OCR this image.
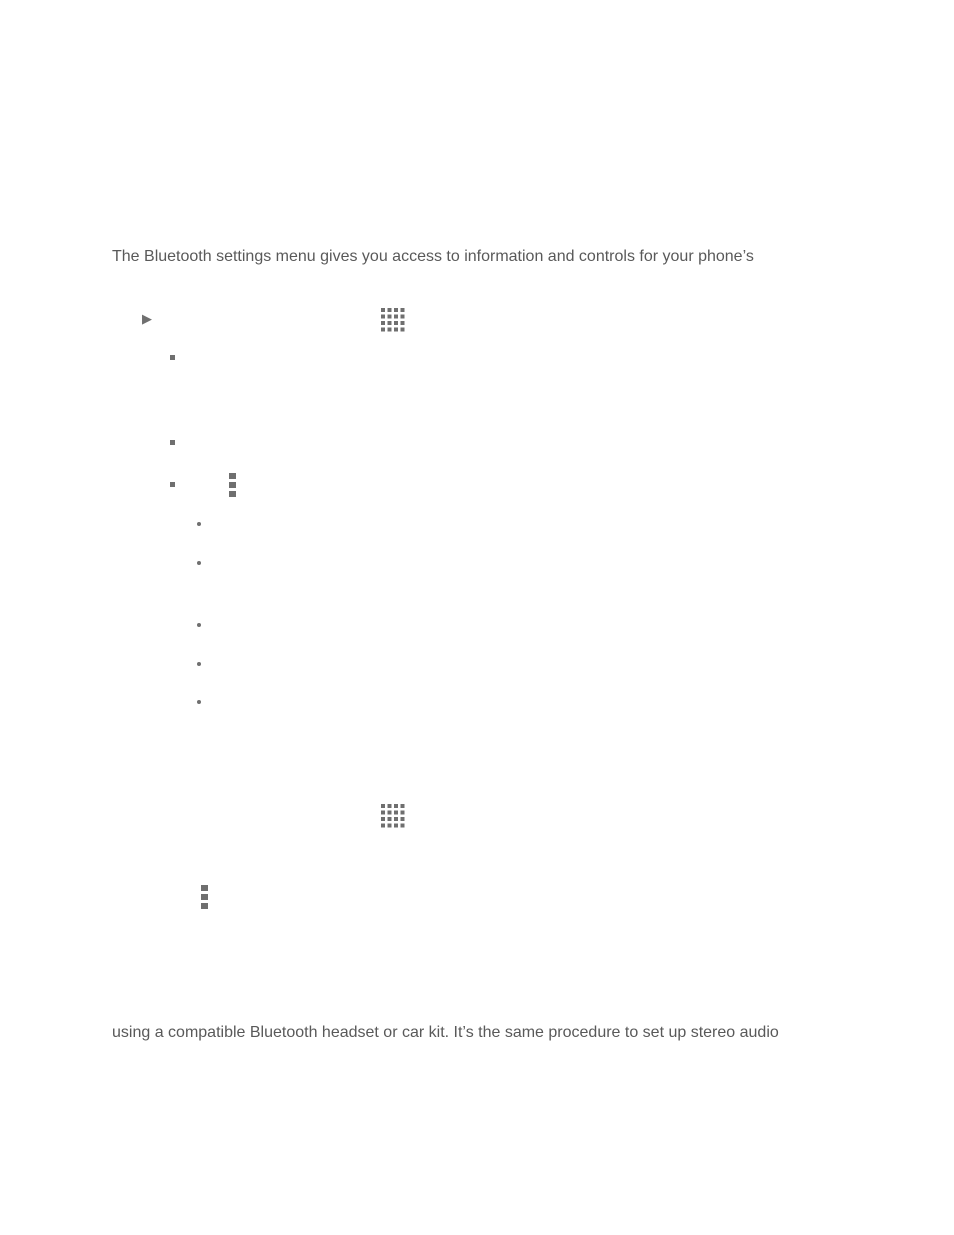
The Bluetooth settings menu gives you access to information and controls for your phone’s
▶
using a compatible Bluetooth headset or car kit. It’s the same procedure to set up stereo audio
